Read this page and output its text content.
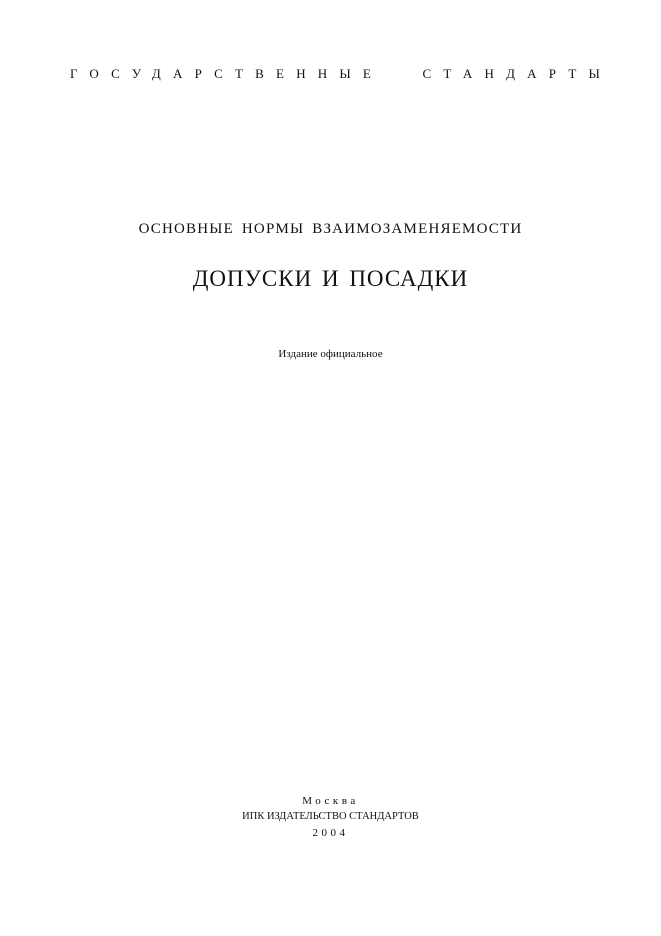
ГОСУДАРСТВЕННЫЕ	СТАНДАРТЫ
ОСНОВНЫЕ НОРМЫ ВЗАИМОЗАМЕНЯЕМОСТИ
ДОПУСКИ И ПОСАДКИ
Издание официальное
Москва
ИПК ИЗДАТЕЛЬСТВО СТАНДАРТОВ
2004
